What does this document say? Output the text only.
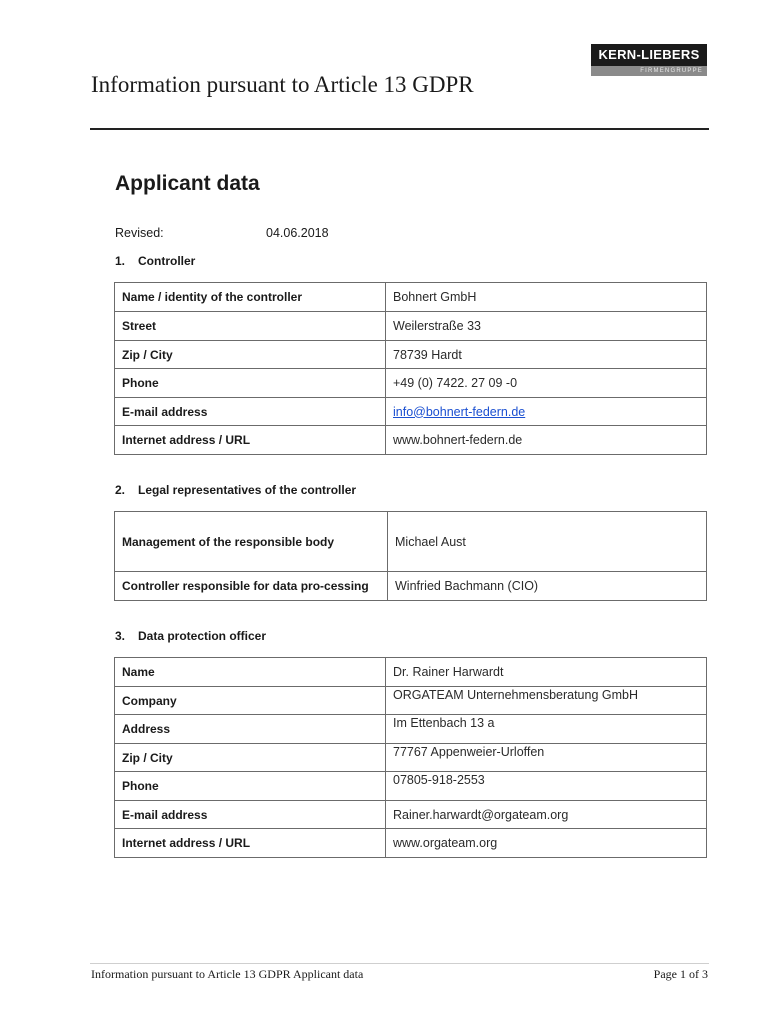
KERN-LIEBERS
FIRMENGRUPPE
Information pursuant to Article 13 GDPR
Applicant data
Revised:	04.06.2018
1. Controller
Name / identity of the controller	Bohnert GmbH
Street	Weilerstraße 33
Zip / City	78739 Hardt
Phone	+49 (0) 7422. 27 09 -0
E-mail address	info@bohnert-federn.de
Internet address / URL	www.bohnert-federn.de
2. Legal representatives of the controller
Management of the responsible body	Michael Aust
Controller responsible for data pro-cessing	Winfried Bachmann (CIO)
3. Data protection officer
Name	Dr. Rainer Harwardt
Company	ORGATEAM Unternehmensberatung GmbH
Address	Im Ettenbach 13 a
Zip / City	77767 Appenweier-Urloffen
Phone	07805-918-2553
E-mail address	Rainer.harwardt@orgateam.org
Internet address / URL	www.orgateam.org
Information pursuant to Article 13 GDPR Applicant data	Page 1 of 3
